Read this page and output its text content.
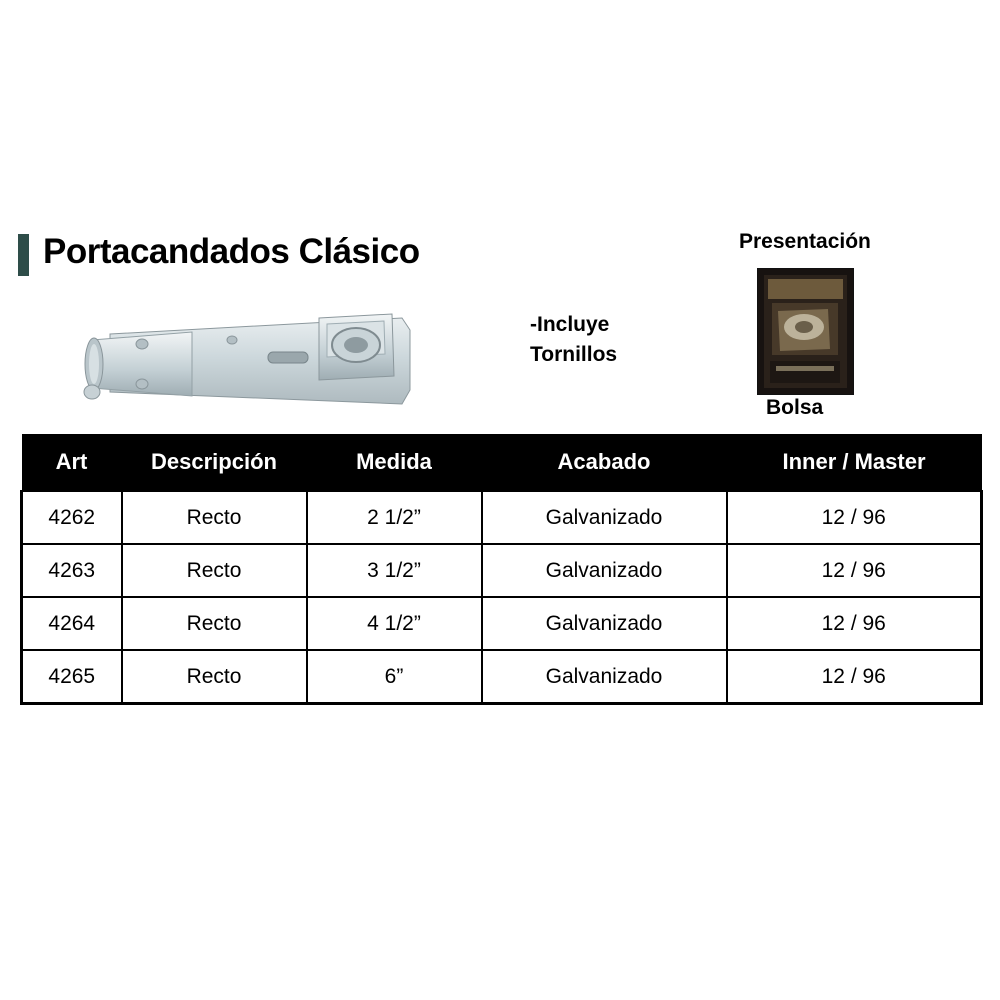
Portacandados Clásico
-Incluye
Tornillos
Presentación
Bolsa
Art	Descripción	Medida	Acabado	Inner / Master
4262	Recto	2 1/2”	Galvanizado	12 / 96
4263	Recto	3 1/2”	Galvanizado	12 / 96
4264	Recto	4 1/2”	Galvanizado	12 / 96
4265	Recto	6”	Galvanizado	12 / 96
